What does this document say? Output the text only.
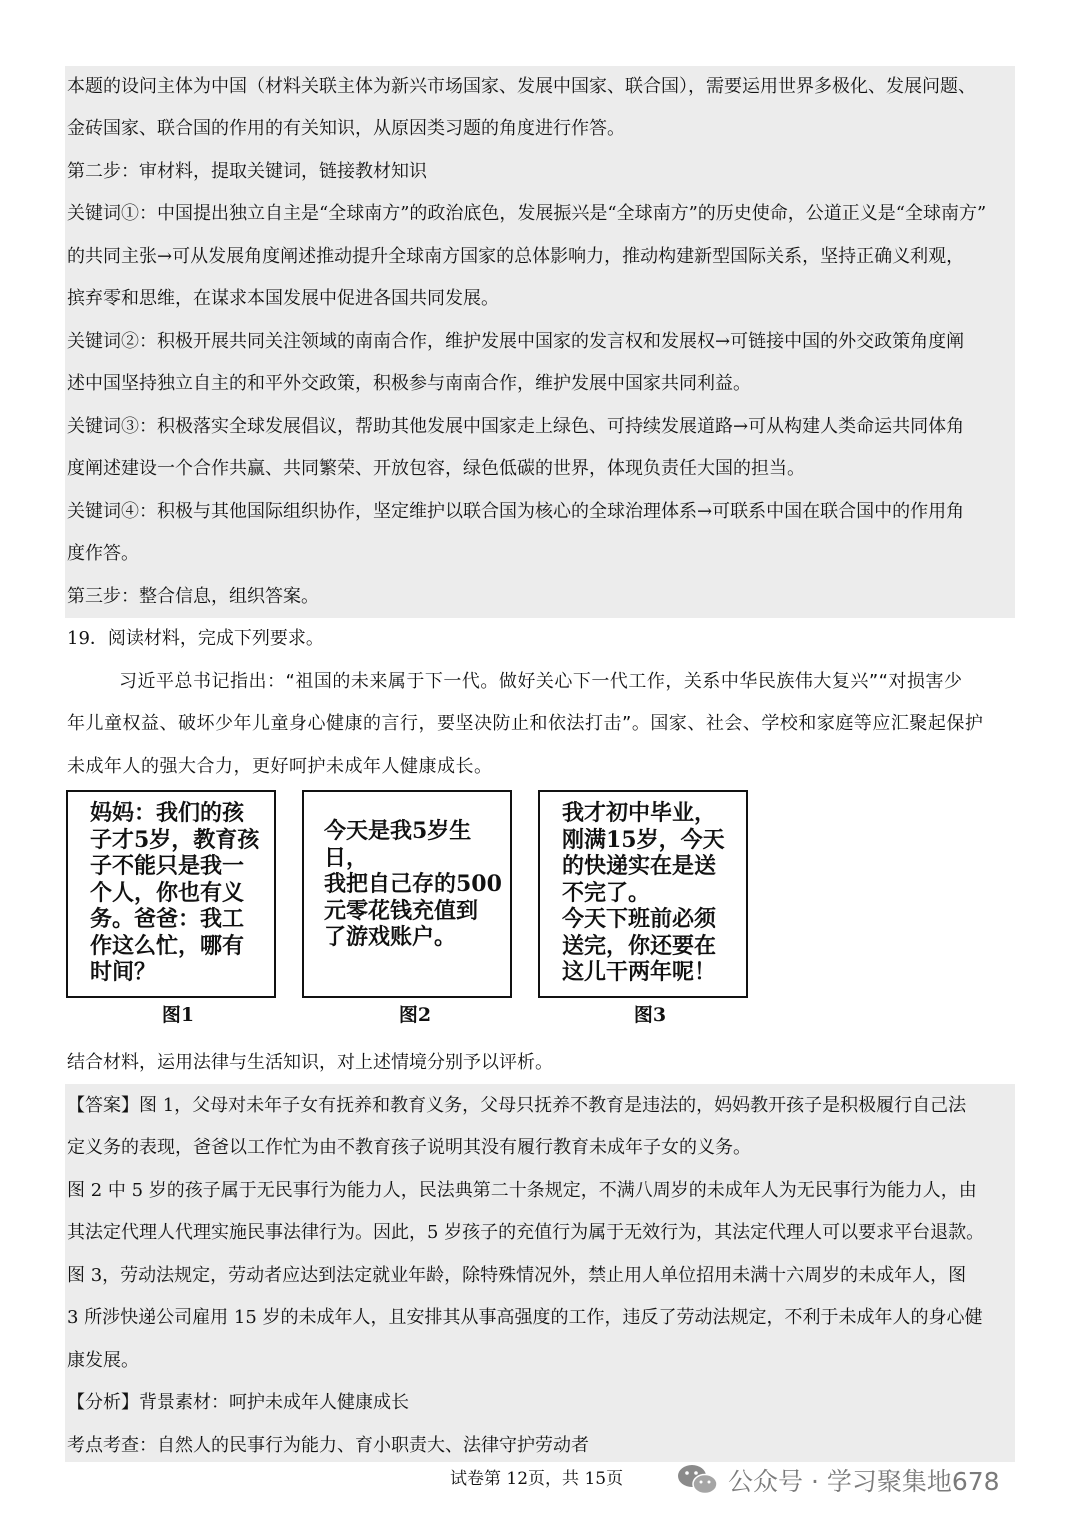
本题的设问主体为中国（材料关联主体为新兴市场国家、发展中国家、联合国），需要运用世界多极化、发展问题、
金砖国家、联合国的作用的有关知识，从原因类习题的角度进行作答。
第二步：审材料，提取关键词，链接教材知识
关键词①：中国提出独立自主是“全球南方”的政治底色，发展振兴是“全球南方”的历史使命，公道正义是“全球南方”
的共同主张→可从发展角度阐述推动提升全球南方国家的总体影响力，推动构建新型国际关系，坚持正确义利观，
摈弃零和思维，在谋求本国发展中促进各国共同发展。
关键词②：积极开展共同关注领域的南南合作，维护发展中国家的发言权和发展权→可链接中国的外交政策角度阐
述中国坚持独立自主的和平外交政策，积极参与南南合作，维护发展中国家共同利益。
关键词③：积极落实全球发展倡议，帮助其他发展中国家走上绿色、可持续发展道路→可从构建人类命运共同体角
度阐述建设一个合作共赢、共同繁荣、开放包容，绿色低碳的世界，体现负责任大国的担当。
关键词④：积极与其他国际组织协作，坚定维护以联合国为核心的全球治理体系→可联系中国在联合国中的作用角
度作答。
第三步：整合信息，组织答案。
19．阅读材料，完成下列要求。
习近平总书记指出：“祖国的未来属于下一代。做好关心下一代工作，关系中华民族伟大复兴”“对损害少
年儿童权益、破坏少年儿童身心健康的言行，要坚决防止和依法打击”。国家、社会、学校和家庭等应汇聚起保护
未成年人的强大合力，更好呵护未成年人健康成长。
妈妈：我们的孩
子才5岁，教育孩
子不能只是我一
个人，你也有义
务。爸爸：我工
作这么忙，哪有
时间？
图1
今天是我5岁生日，
我把自己存的500
元零花钱充值到
了游戏账户。
图2
我才初中毕业，
刚满15岁，今天
的快递实在是送
不完了。
今天下班前必须
送完，你还要在
这儿干两年呢！
图3
结合材料，运用法律与生活知识，对上述情境分别予以评析。
【答案】图 1，父母对未年子女有抚养和教育义务，父母只抚养不教育是违法的，妈妈教开孩子是积极履行自己法
定义务的表现，爸爸以工作忙为由不教育孩子说明其没有履行教育未成年子女的义务。
图 2 中 5 岁的孩子属于无民事行为能力人，民法典第二十条规定，不满八周岁的未成年人为无民事行为能力人，由
其法定代理人代理实施民事法律行为。因此，5 岁孩子的充值行为属于无效行为，其法定代理人可以要求平台退款。
图 3，劳动法规定，劳动者应达到法定就业年龄，除特殊情况外，禁止用人单位招用未满十六周岁的未成年人，图
3 所涉快递公司雇用 15 岁的未成年人，且安排其从事高强度的工作，违反了劳动法规定，不利于未成年人的身心健
康发展。
【分析】背景素材：呵护未成年人健康成长
考点考查：自然人的民事行为能力、育小职责大、法律守护劳动者
试卷第 12页，共 15页	公众号 · 学习聚集地678
